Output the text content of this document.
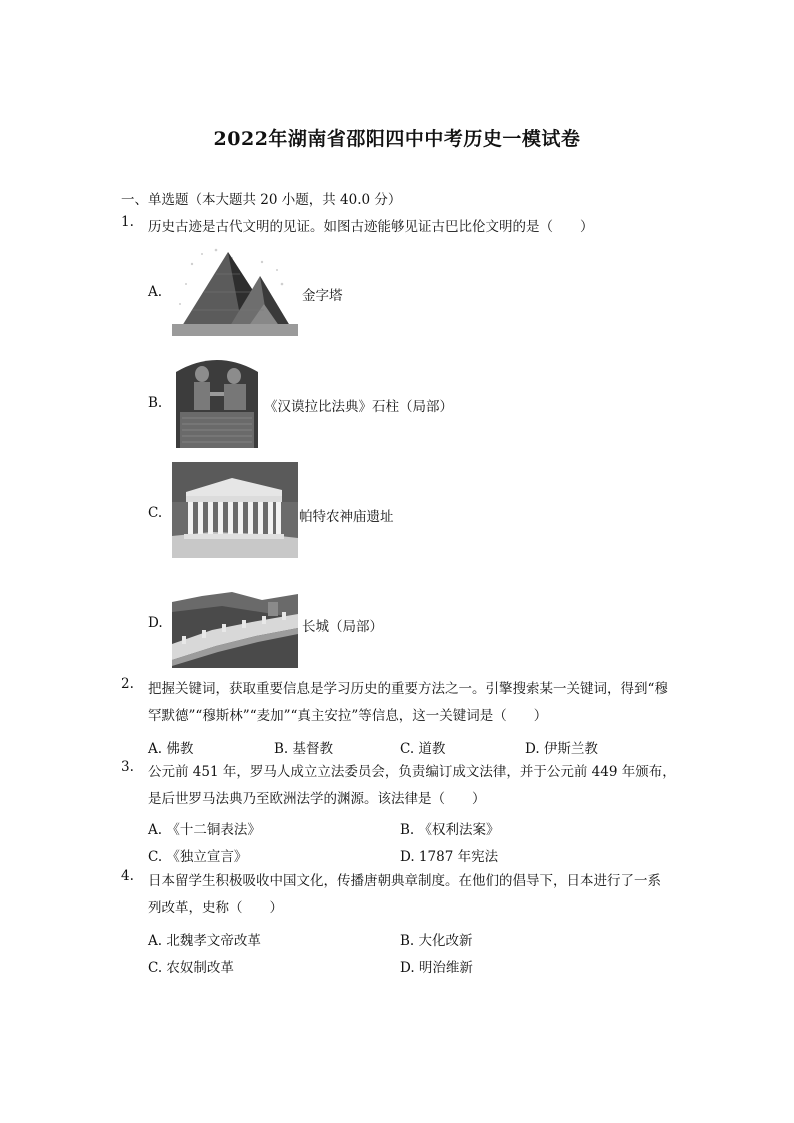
2022年湖南省邵阳四中中考历史一模试卷
一、单选题（本大题共 20 小题，共 40.0 分）
1. 历史古迹是古代文明的见证。如图古迹能够见证古巴比伦文明的是（　　）
A.	金字塔
B.	《汉谟拉比法典》石柱（局部）
C.	帕特农神庙遗址
D.	长城（局部）
2. 把握关键词，获取重要信息是学习历史的重要方法之一。引擎搜索某一关键词，得到“穆
罕默德”“穆斯林”“麦加”“真主安拉”等信息，这一关键词是（　　）
A. 佛教	B. 基督教	C. 道教	D. 伊斯兰教
3. 公元前 451 年，罗马人成立立法委员会，负责编订成文法律，并于公元前 449 年颁布，
是后世罗马法典乃至欧洲法学的渊源。该法律是（　　）
A. 《十二铜表法》	B. 《权利法案》
C. 《独立宣言》	D. 1787 年宪法
4. 日本留学生积极吸收中国文化，传播唐朝典章制度。在他们的倡导下，日本进行了一系
列改革，史称（　　）
A. 北魏孝文帝改革	B. 大化改新
C. 农奴制改革	D. 明治维新
